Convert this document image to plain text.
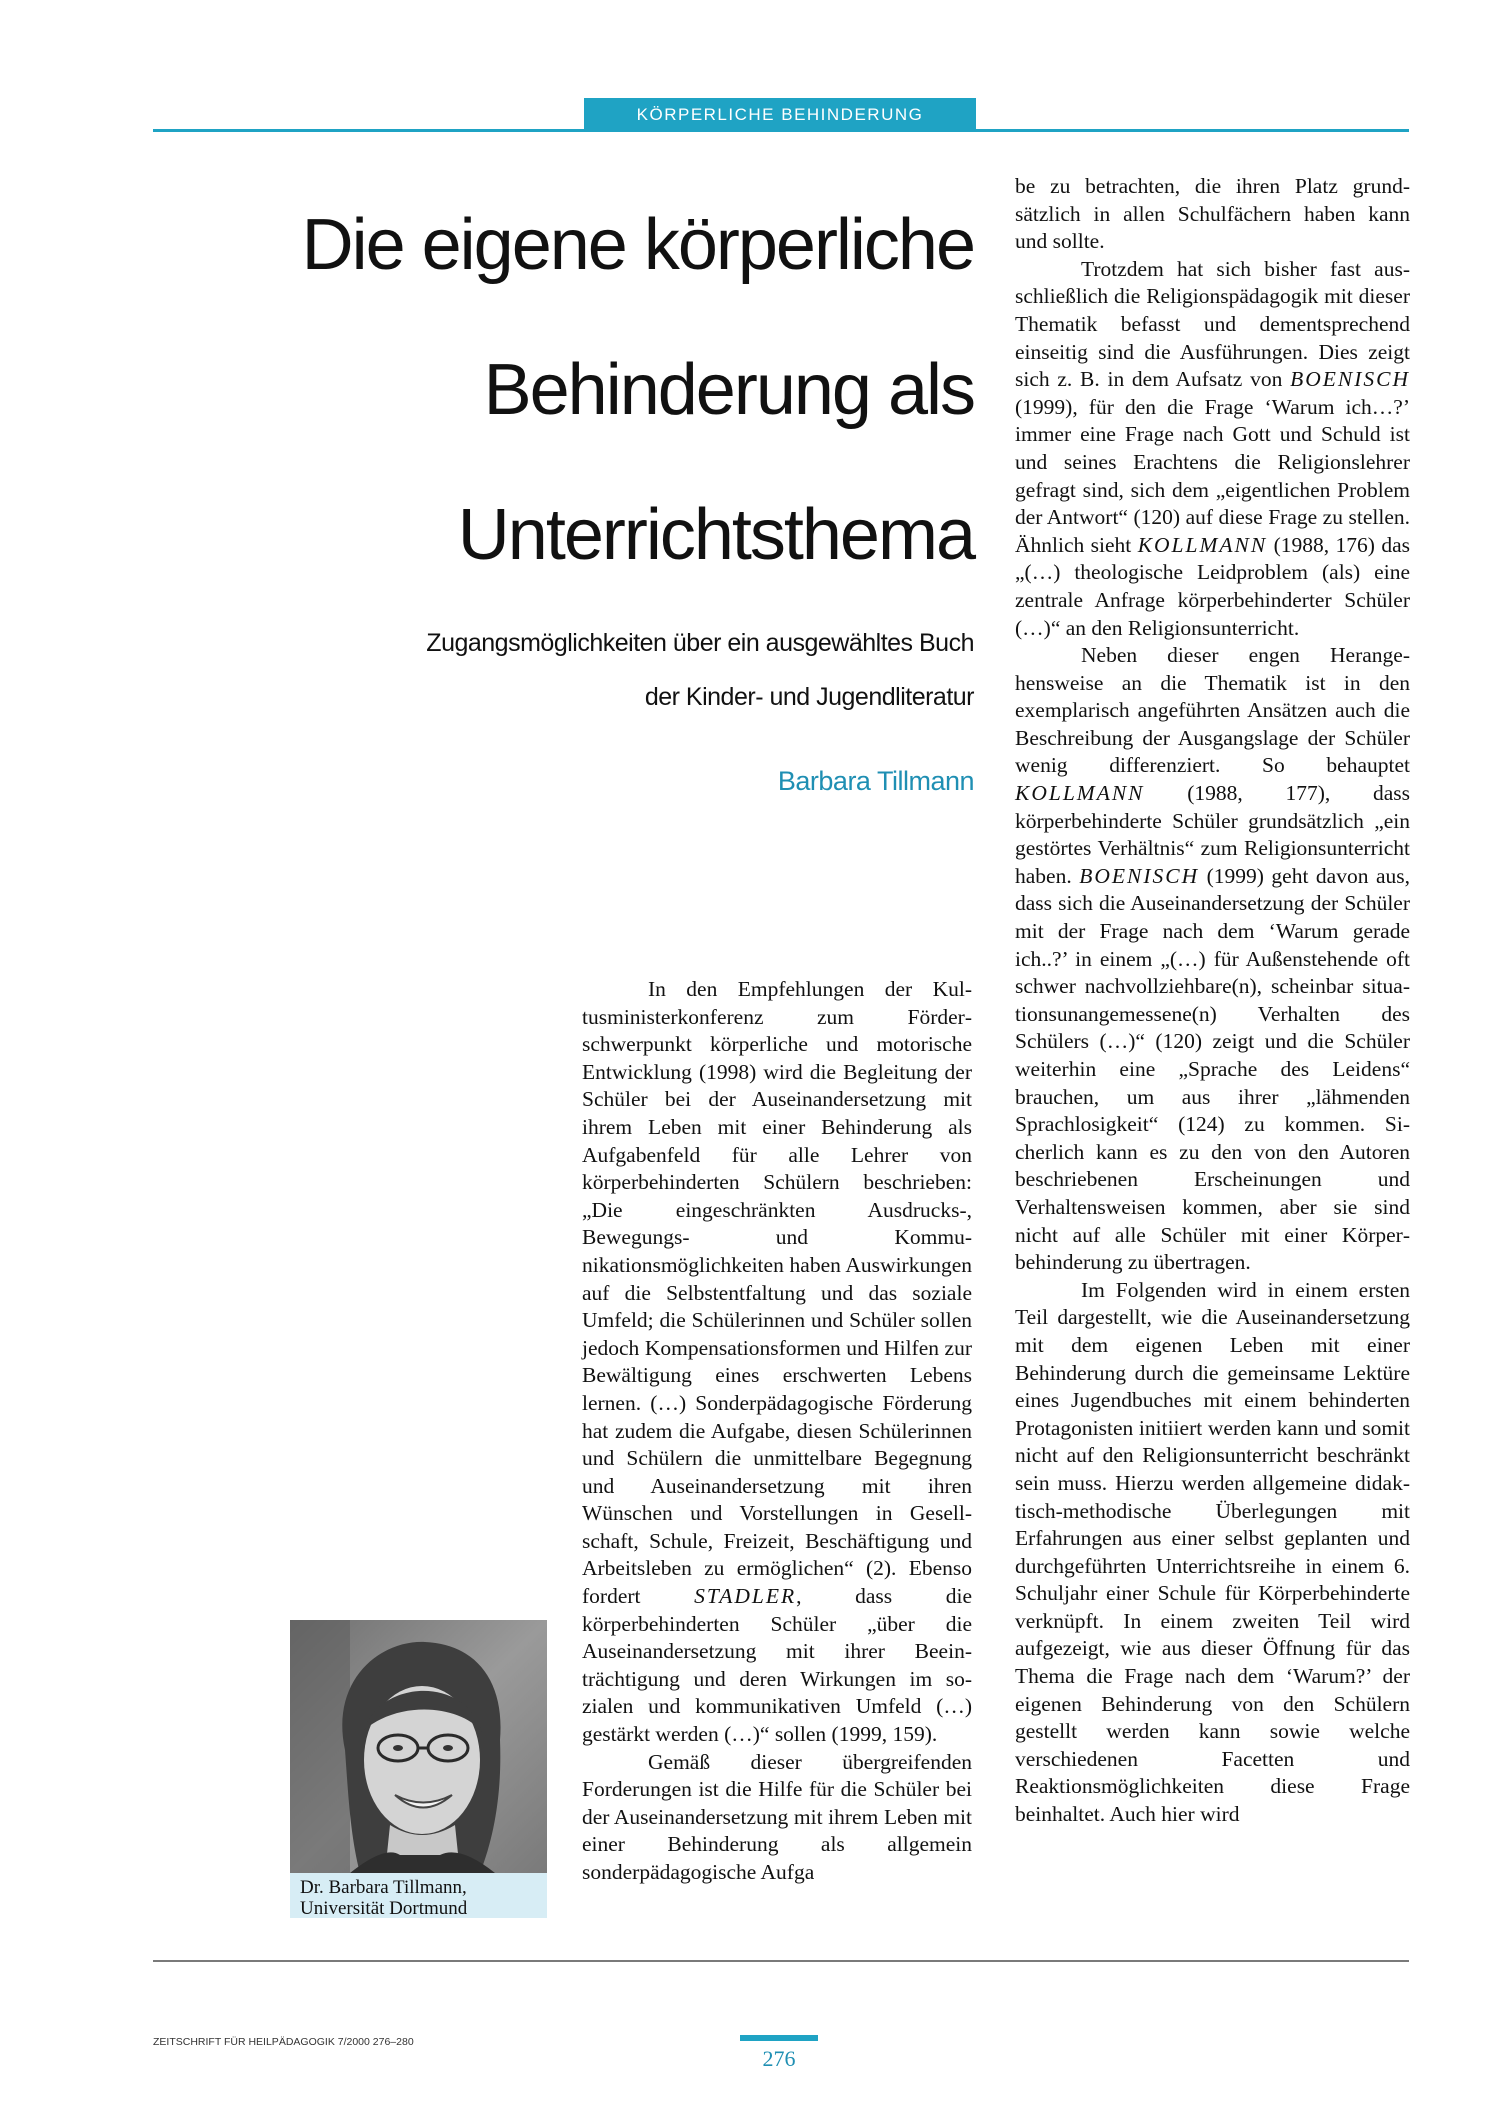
KÖRPERLICHE BEHINDERUNG
Die eigene körperliche
Behinderung als
Unterrichtsthema
Zugangsmöglichkeiten über ein ausgewähltes Buch
der Kinder- und Jugendliteratur
Barbara Tillmann

In den Empfehlungen der Kultusministerkonferenz zum Förderschwerpunkt körperliche und motorische Entwicklung (1998) wird die Begleitung der Schüler bei der Auseinandersetzung mit ihrem Leben mit einer Behinderung als Aufgabenfeld für alle Lehrer von körperbehinderten Schülern beschrieben: „Die eingeschränkten Ausdrucks-, Bewegungs- und Kommunikationsmöglichkeiten haben Auswirkungen auf die Selbstentfaltung und das soziale Umfeld; die Schülerinnen und Schüler sollen jedoch Kompensationsformen und Hilfen zur Bewältigung eines erschwerten Lebens lernen. (…) Sonderpädagogische Förderung hat zudem die Aufgabe, diesen Schülerinnen und Schülern die unmittelbare Begegnung und Auseinandersetzung mit ihren Wünschen und Vorstellungen in Gesellschaft, Schule, Freizeit, Beschäftigung und Arbeitsleben zu ermöglichen“ (2). Ebenso fordert STADLER, dass die körperbehinderten Schüler „über die Auseinandersetzung mit ihrer Beeinträchtigung und deren Wirkungen im sozialen und kommunikativen Umfeld (…) gestärkt werden (…)“ sollen (1999, 159).

Gemäß dieser übergreifenden Forderungen ist die Hilfe für die Schüler bei der Auseinandersetzung mit ihrem Leben mit einer Behinderung als allgemein sonderpädagogische Aufga

be zu betrachten, die ihren Platz grundsätzlich in allen Schulfächern haben kann und sollte.

Trotzdem hat sich bisher fast ausschließlich die Religionspädagogik mit dieser Thematik befasst und dementsprechend einseitig sind die Ausführungen. Dies zeigt sich z. B. in dem Aufsatz von BOENISCH (1999), für den die Frage ‘Warum ich…?’ immer eine Frage nach Gott und Schuld ist und seines Erachtens die Religionslehrer gefragt sind, sich dem „eigentlichen Problem der Antwort“ (120) auf diese Frage zu stellen. Ähnlich sieht KOLLMANN (1988, 176) das „(…) theologische Leidproblem (als) eine zentrale Anfrage körperbehinderter Schüler (…)“ an den Religionsunterricht.

Neben dieser engen Herangehensweise an die Thematik ist in den exemplarisch angeführten Ansätzen auch die Beschreibung der Ausgangslage der Schüler wenig differenziert. So behauptet KOLLMANN (1988, 177), dass körperbehinderte Schüler grundsätzlich „ein gestörtes Verhältnis“ zum Religionsunterricht haben. BOENISCH (1999) geht davon aus, dass sich die Auseinandersetzung der Schüler mit der Frage nach dem ‘Warum gerade ich..?’ in einem „(…) für Außenstehende oft schwer nachvollziehbare(n), scheinbar situationsunangemessene(n) Verhalten des Schülers (…)“ (120) zeigt und die Schüler weiterhin eine „Sprache des Leidens“ brauchen, um aus ihrer „lähmenden Sprachlosigkeit“ (124) zu kommen. Sicherlich kann es zu den von den Autoren beschriebenen Erscheinungen und Verhaltensweisen kommen, aber sie sind nicht auf alle Schüler mit einer Körperbehinderung zu übertragen.

Im Folgenden wird in einem ersten Teil dargestellt, wie die Auseinandersetzung mit dem eigenen Leben mit einer Behinderung durch die gemeinsame Lektüre eines Jugendbuches mit einem behinderten Protagonisten initiiert werden kann und somit nicht auf den Religionsunterricht beschränkt sein muss. Hierzu werden allgemeine didaktisch-methodische Überlegungen mit Erfahrungen aus einer selbst geplanten und durchgeführten Unterrichtsreihe in einem 6. Schuljahr einer Schule für Körperbehinderte verknüpft. In einem zweiten Teil wird aufgezeigt, wie aus dieser Öffnung für das Thema die Frage nach dem ‘Warum?’ der eigenen Behinderung von den Schülern gestellt werden kann sowie welche verschiedenen Facetten und Reaktionsmöglichkeiten diese Frage beinhaltet. Auch hier wird

Dr. Barbara Tillmann,
Universität Dortmund
ZEITSCHRIFT FÜR HEILPÄDAGOGIK 7/2000 276–280
276
